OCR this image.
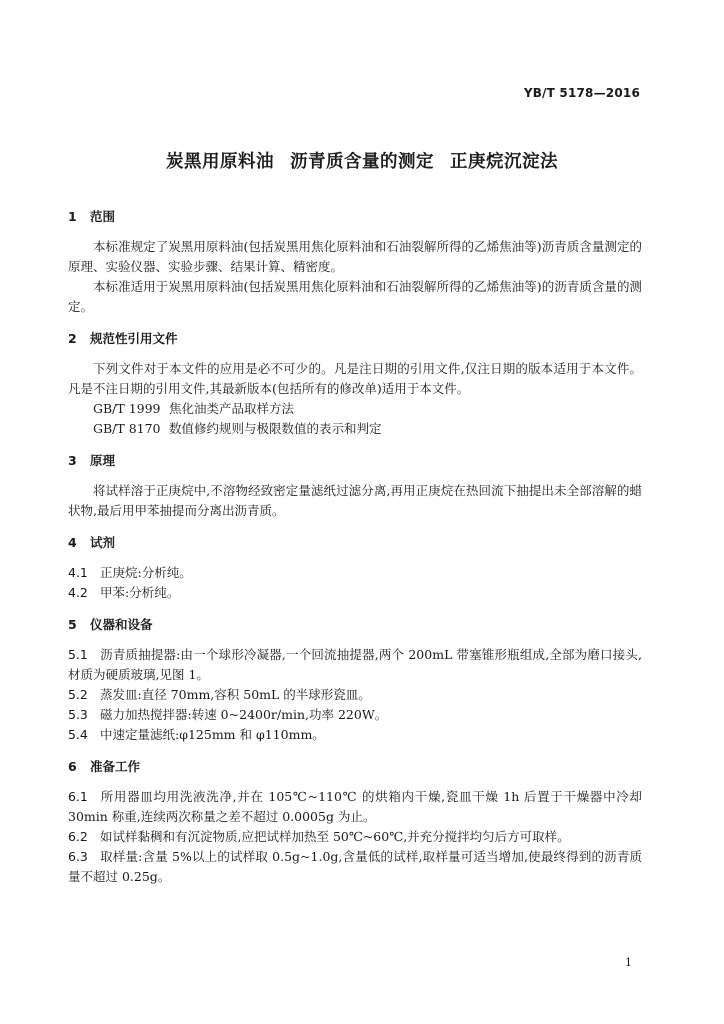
YB/T 5178—2016
炭黑用原料油 沥青质含量的测定 正庚烷沉淀法
1 范围

本标准规定了炭黑用原料油(包括炭黑用焦化原料油和石油裂解所得的乙烯焦油等)沥青质含量测定的原理、实验仪器、实验步骤、结果计算、精密度。

本标准适用于炭黑用原料油(包括炭黑用焦化原料油和石油裂解所得的乙烯焦油等)的沥青质含量的测定。

2 规范性引用文件

下列文件对于本文件的应用是必不可少的。凡是注日期的引用文件,仅注日期的版本适用于本文件。凡是不注日期的引用文件,其最新版本(包括所有的修改单)适用于本文件。

GB/T 1999 焦化油类产品取样方法

GB/T 8170 数值修约规则与极限数值的表示和判定

3 原理

将试样溶于正庚烷中,不溶物经致密定量滤纸过滤分离,再用正庚烷在热回流下抽提出未全部溶解的蜡状物,最后用甲苯抽提而分离出沥青质。

4 试剂

4.1 正庚烷:分析纯。

4.2 甲苯:分析纯。

5 仪器和设备

5.1 沥青质抽提器:由一个球形冷凝器,一个回流抽提器,两个 200mL 带塞锥形瓶组成,全部为磨口接头,材质为硬质玻璃,见图 1。

5.2 蒸发皿:直径 70mm,容积 50mL 的半球形瓷皿。

5.3 磁力加热搅拌器:转速 0~2400r/min,功率 220W。

5.4 中速定量滤纸:φ125mm 和 φ110mm。

6 准备工作

6.1 所用器皿均用洗液洗净,并在 105℃~110℃ 的烘箱内干燥,瓷皿干燥 1h 后置于干燥器中冷却 30min 称重,连续两次称量之差不超过 0.0005g 为止。

6.2 如试样黏稠和有沉淀物质,应把试样加热至 50℃~60℃,并充分搅拌均匀后方可取样。

6.3 取样量:含量 5%以上的试样取 0.5g~1.0g,含量低的试样,取样量可适当增加,使最终得到的沥青质量不超过 0.25g。

1
